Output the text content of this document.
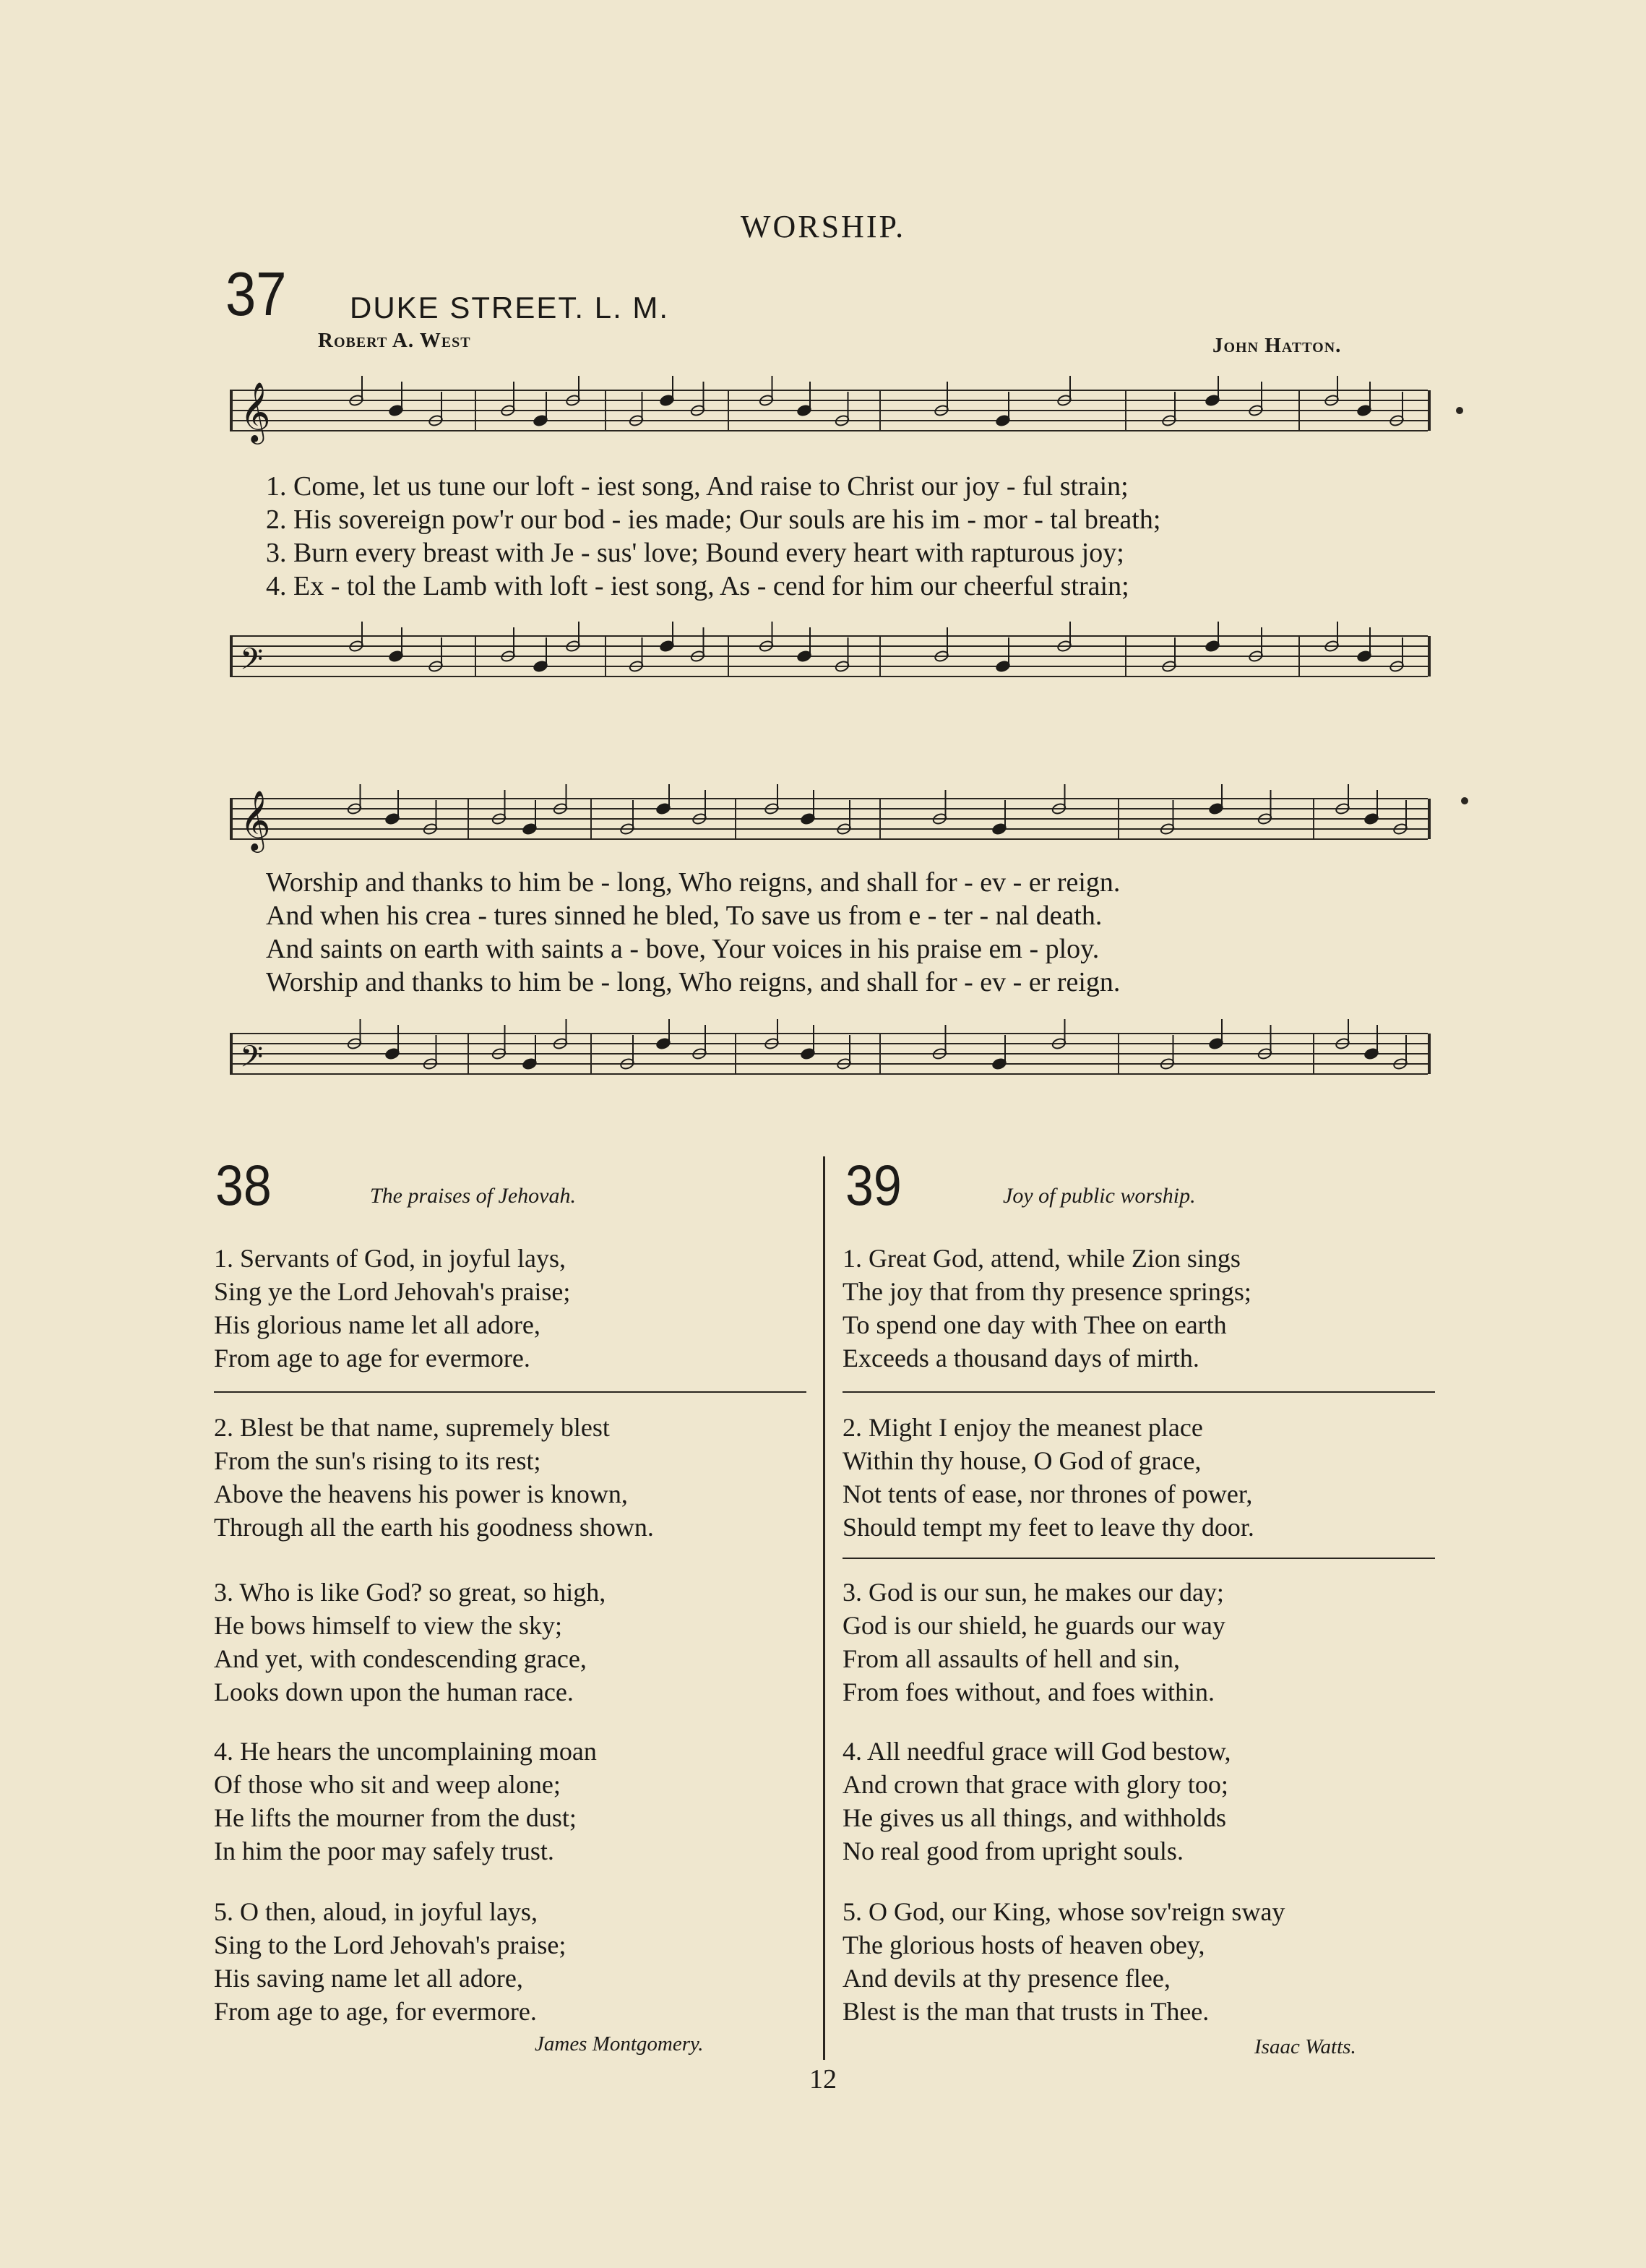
WORSHIP.
37 DUKE STREET. L. M.
Robert A. West	John Hatton.
𝄞
1. Come, let us tune our loft - iest song, And raise to Christ our joy - ful strain;
2. His sovereign pow'r our bod - ies made; Our souls are his im - mor - tal breath;
3. Burn every breast with Je - sus' love; Bound every heart with rapturous joy;
4. Ex - tol the Lamb with loft - iest song, As - cend for him our cheerful strain;
𝄢
𝄞
Worship and thanks to him be - long, Who reigns, and shall for - ev - er reign.
And when his crea - tures sinned he bled, To save us from e - ter - nal death.
And saints on earth with saints a - bove, Your voices in his praise em - ploy.
Worship and thanks to him be - long, Who reigns, and shall for - ev - er reign.
𝄢
38	The praises of Jehovah.
1. Servants of God, in joyful lays,
Sing ye the Lord Jehovah's praise;
His glorious name let all adore,
From age to age for evermore.
2. Blest be that name, supremely blest
From the sun's rising to its rest;
Above the heavens his power is known,
Through all the earth his goodness shown.
3. Who is like God? so great, so high,
He bows himself to view the sky;
And yet, with condescending grace,
Looks down upon the human race.
4. He hears the uncomplaining moan
Of those who sit and weep alone;
He lifts the mourner from the dust;
In him the poor may safely trust.
5. O then, aloud, in joyful lays,
Sing to the Lord Jehovah's praise;
His saving name let all adore,
From age to age, for evermore.
James Montgomery.
39	Joy of public worship.
1. Great God, attend, while Zion sings
The joy that from thy presence springs;
To spend one day with Thee on earth
Exceeds a thousand days of mirth.
2. Might I enjoy the meanest place
Within thy house, O God of grace,
Not tents of ease, nor thrones of power,
Should tempt my feet to leave thy door.
3. God is our sun, he makes our day;
God is our shield, he guards our way
From all assaults of hell and sin,
From foes without, and foes within.
4. All needful grace will God bestow,
And crown that grace with glory too;
He gives us all things, and withholds
No real good from upright souls.
5. O God, our King, whose sov'reign sway
The glorious hosts of heaven obey,
And devils at thy presence flee,
Blest is the man that trusts in Thee.
Isaac Watts.
12
